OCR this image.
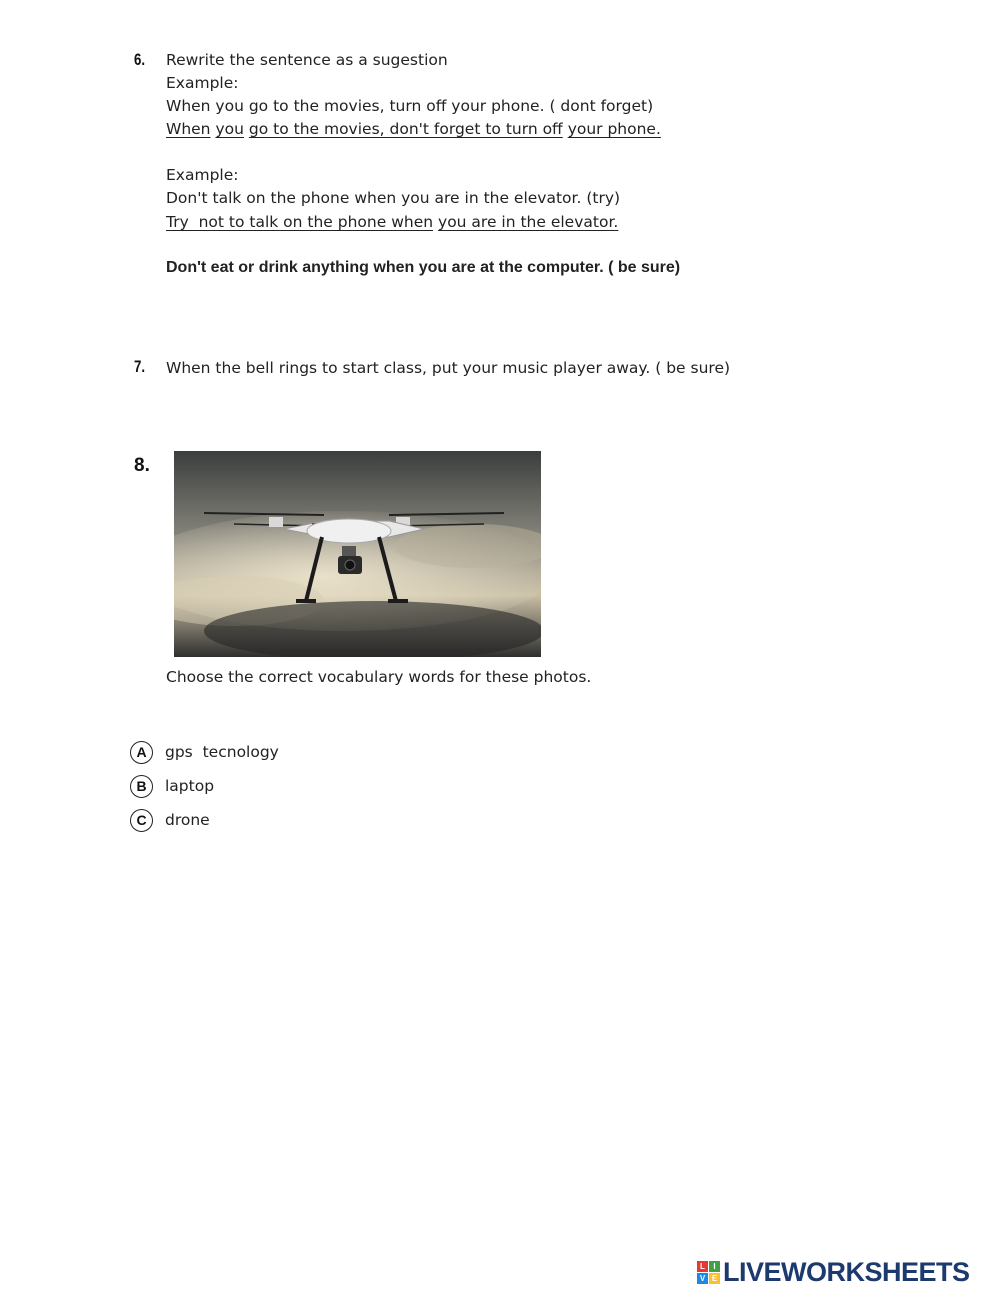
6. Rewrite the sentence as a sugestion
Example:
When you go to the movies, turn off your phone. ( dont forget)
When you go to the movies, don't forget to turn off your phone.
Example:
Don't talk on the phone when you are in the elevator. (try)
Try  not to talk on the phone when you are in the elevator.
Don't eat or drink anything when you are at the computer. ( be sure)
7. When the bell rings to start class, put your music player away. ( be sure)
8.
Choose the correct vocabulary words for these photos.
A	gps  tecnology
B	laptop
C	drone
L	I
V E LIVEWORKSHEETS
